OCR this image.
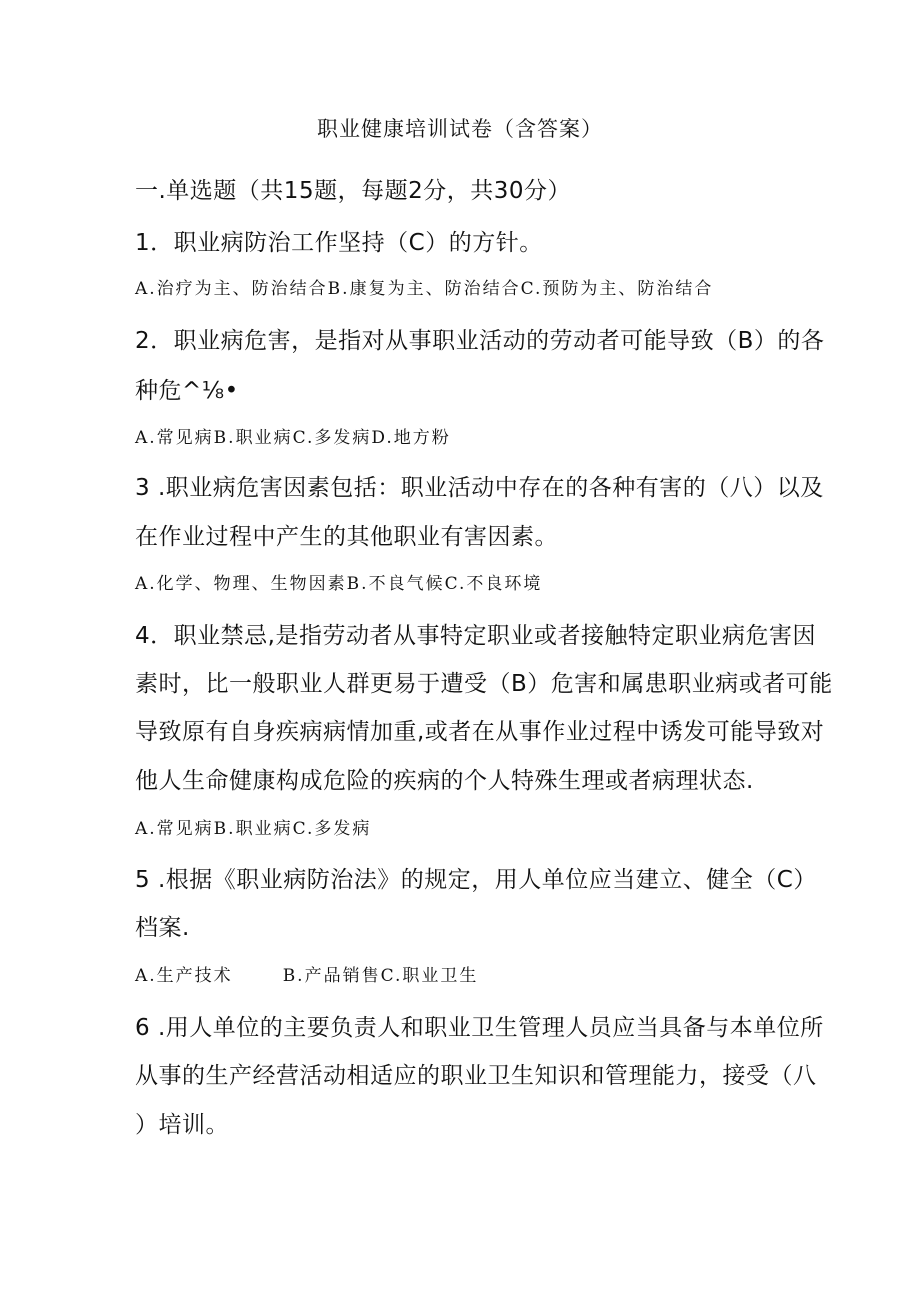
职业健康培训试卷（含答案）
一.单选题（共15题，每题2分，共30分）
1．职业病防治工作坚持（C）的方针。
A.治疗为主、防治结合B.康复为主、防治结合C.预防为主、防治结合
2．职业病危害，是指对从事职业活动的劳动者可能导致（B）的各
种危^⅛•
A.常见病B.职业病C.多发病D.地方粉
3 .职业病危害因素包括：职业活动中存在的各种有害的（八）以及
在作业过程中产生的其他职业有害因素。
A.化学、物理、生物因素B.不良气候C.不良环境
4．职业禁忌,是指劳动者从事特定职业或者接触特定职业病危害因
素时，比一般职业人群更易于遭受（B）危害和属患职业病或者可能
导致原有自身疾病病情加重,或者在从事作业过程中诱发可能导致对
他人生命健康构成危险的疾病的个人特殊生理或者病理状态.
A.常见病B.职业病C.多发病
5 .根据《职业病防治法》的规定，用人单位应当建立、健全（C）
档案.
A.生产技术	B.产品销售C.职业卫生
6 .用人单位的主要负责人和职业卫生管理人员应当具备与本单位所
从事的生产经营活动相适应的职业卫生知识和管理能力，接受（八
）培训。
